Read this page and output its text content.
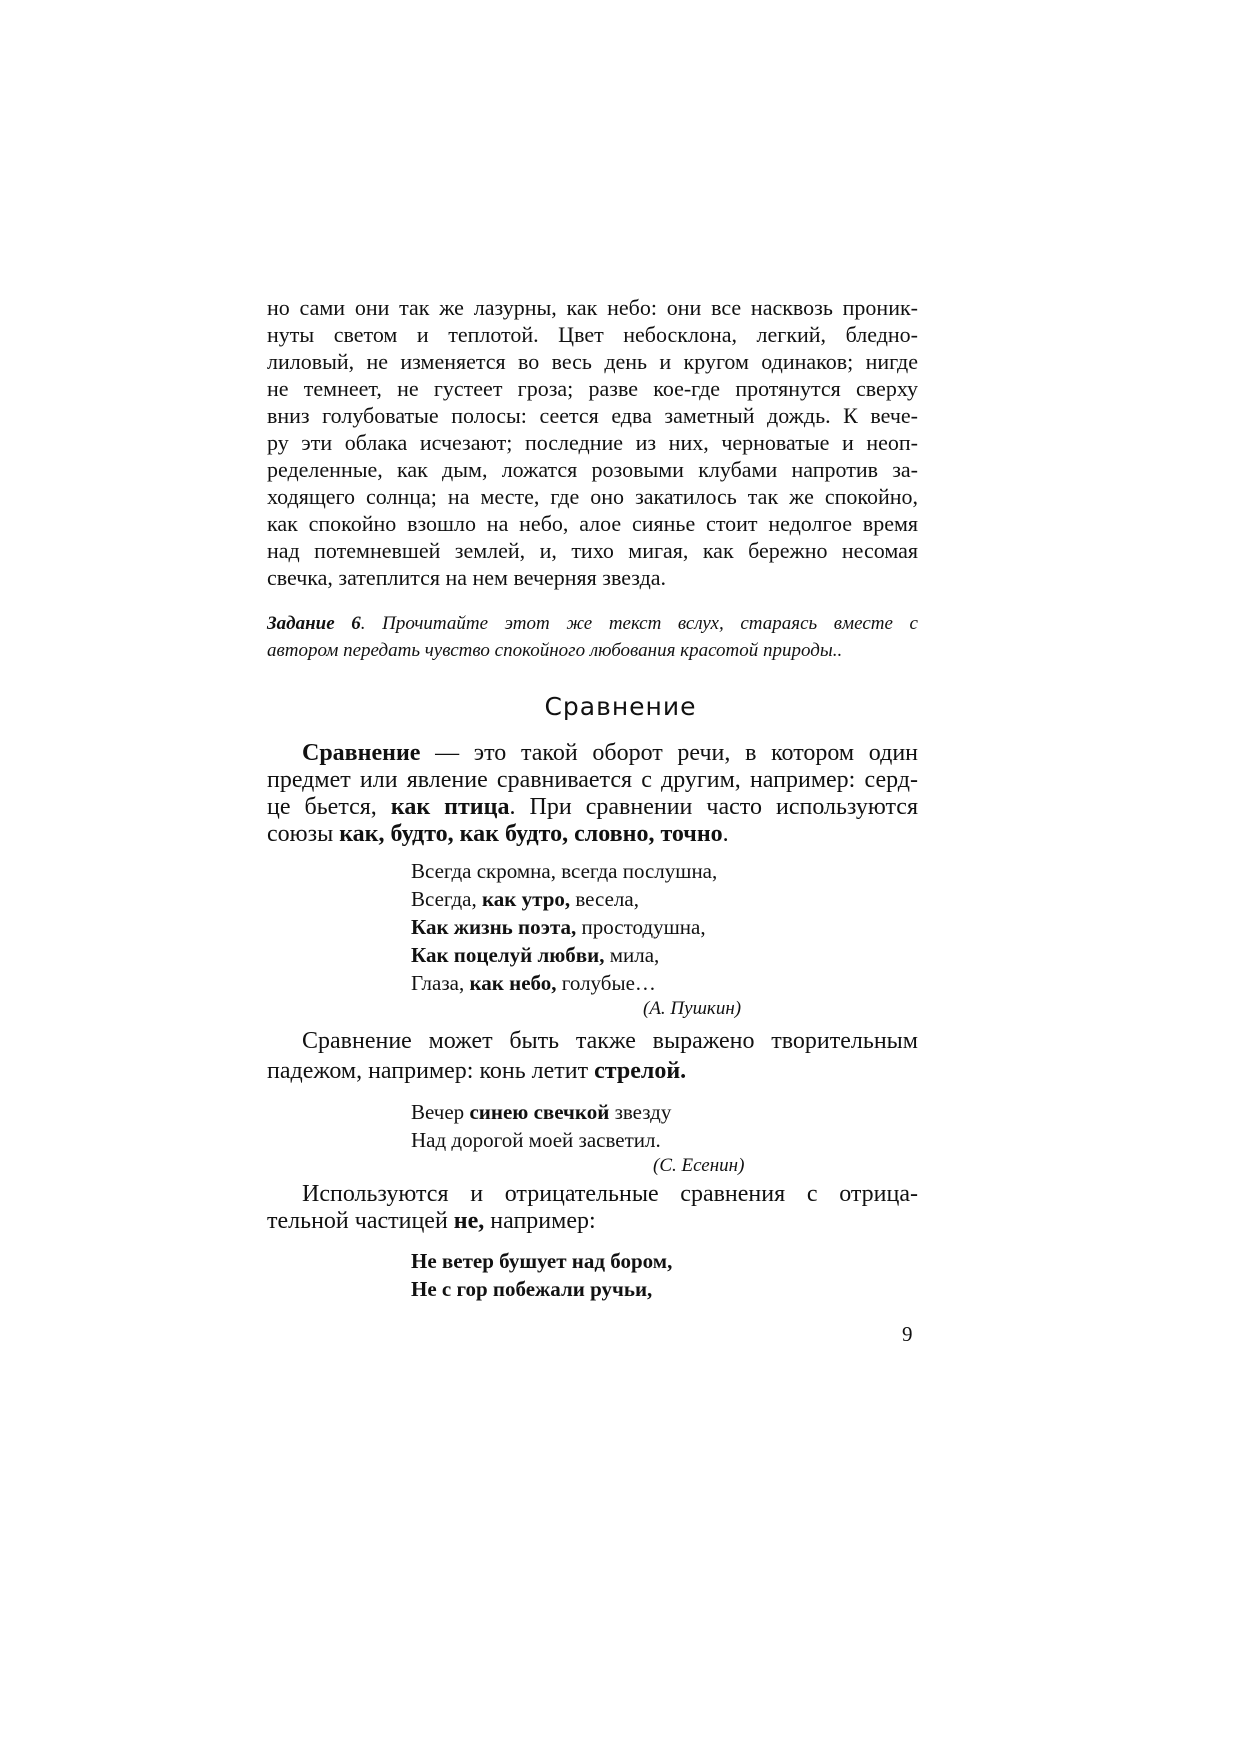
но сами они так же лазурны, как небо: они все насквозь проник-
нуты светом и теплотой. Цвет небосклона, легкий, бледно-
лиловый, не изменяется во весь день и кругом одинаков; нигде
не темнеет, не густеет гроза; разве кое-где протянутся сверху
вниз голубоватые полосы: сеется едва заметный дождь. К вече-
ру эти облака исчезают; последние из них, черноватые и неоп-
ределенные, как дым, ложатся розовыми клубами напротив за-
ходящего солнца; на месте, где оно закатилось так же спокойно,
как спокойно взошло на небо, алое сиянье стоит недолгое время
над потемневшей землей, и, тихо мигая, как бережно несомая
свечка, затеплится на нем вечерняя звезда.
Задание 6. Прочитайте этот же текст вслух, стараясь вместе с
автором передать чувство спокойного любования красотой природы..
Сравнение
Сравнение — это такой оборот речи, в котором один
предмет или явление сравнивается с другим, например: серд-
це бьется, как птица. При сравнении часто используются
союзы как, будто, как будто, словно, точно.
Всегда скромна, всегда послушна,
Всегда, как утро, весела,
Как жизнь поэта, простодушна,
Как поцелуй любви, мила,
Глаза, как небо, голубые…
(А. Пушкин)
Сравнение может быть также выражено творительным
падежом, например: конь летит стрелой.
Вечер синею свечкой звезду
Над дорогой моей засветил.
(С. Есенин)
Используются и отрицательные сравнения с отрица-
тельной частицей не, например:
Не ветер бушует над бором,
Не с гор побежали ручьи,
9
